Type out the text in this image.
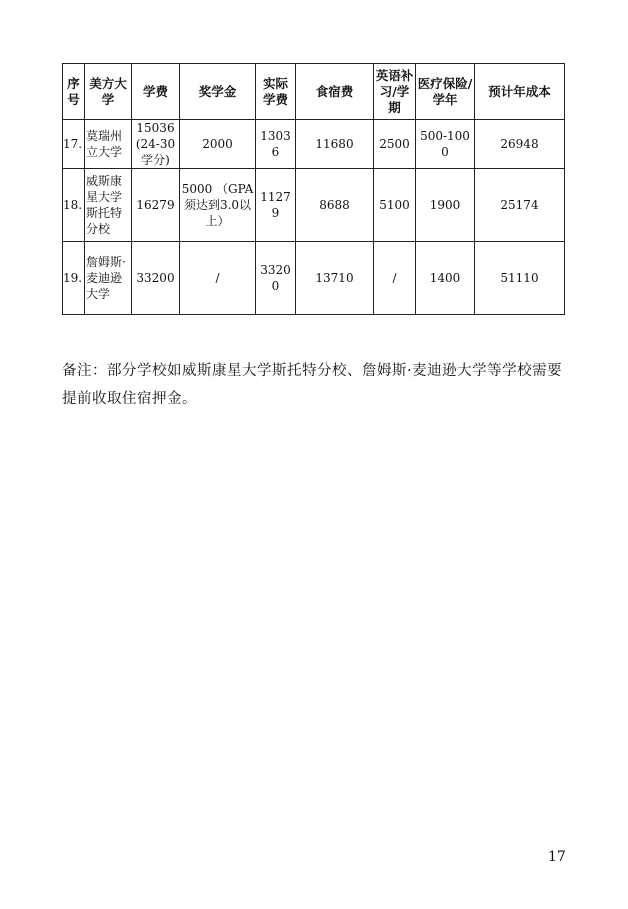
序号	美方大学	学费	奖学金	实际学费	食宿费	英语补习/学期	医疗保险/学年	预计年成本
17.	莫瑞州立大学	15036 (24-30 学分)	2000	13036	11680	2500	500-1000	26948
18.	威斯康星大学斯托特分校	16279	5000 （GPA须达到3.0以上）	11279	8688	5100	1900	25174
19.	詹姆斯·麦迪逊大学	33200	/	33200	13710	/	1400	51110

备注：部分学校如威斯康星大学斯托特分校、詹姆斯·麦迪逊大学等学校需要提前收取住宿押金。

17
